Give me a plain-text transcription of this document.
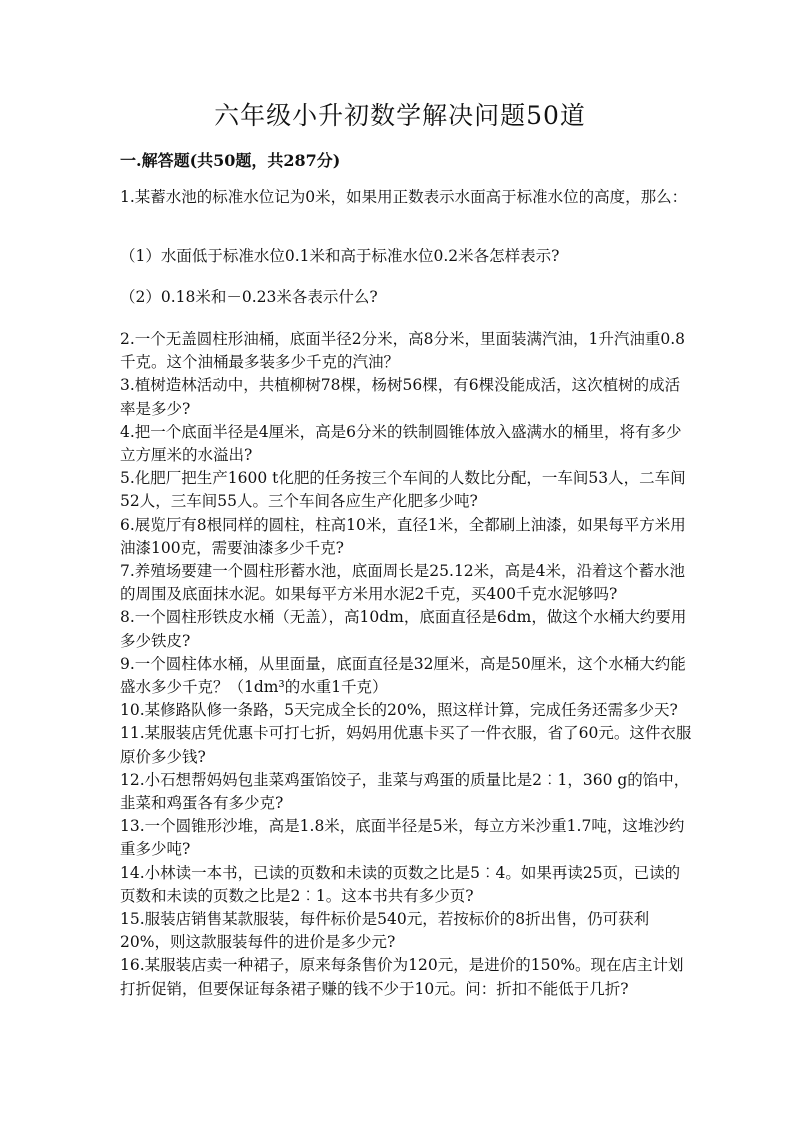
六年级小升初数学解决问题50道
一.解答题(共50题，共287分)
1.某蓄水池的标准水位记为0米，如果用正数表示水面高于标准水位的高度，那么：
（1）水面低于标准水位0.1米和高于标准水位0.2米各怎样表示?
（2）0.18米和－0.23米各表示什么?

2.一个无盖圆柱形油桶，底面半径2分米，高8分米，里面装满汽油，1升汽油重0.8千克。这个油桶最多装多少千克的汽油？

3.植树造林活动中，共植柳树78棵，杨树56棵，有6棵没能成活，这次植树的成活率是多少?

4.把一个底面半径是4厘米，高是6分米的铁制圆锥体放入盛满水的桶里，将有多少立方厘米的水溢出?

5.化肥厂把生产1600 t化肥的任务按三个车间的人数比分配，一车间53人，二车间52人，三车间55人。三个车间各应生产化肥多少吨?

6.展览厅有8根同样的圆柱，柱高10米，直径1米，全都刷上油漆，如果每平方米用油漆100克，需要油漆多少千克?

7.养殖场要建一个圆柱形蓄水池，底面周长是25.12米，高是4米，沿着这个蓄水池的周围及底面抹水泥。如果每平方米用水泥2千克，买400千克水泥够吗?

8.一个圆柱形铁皮水桶（无盖），高10dm，底面直径是6dm，做这个水桶大约要用多少铁皮?

9.一个圆柱体水桶，从里面量，底面直径是32厘米，高是50厘米，这个水桶大约能盛水多少千克？（1dm³的水重1千克）

10.某修路队修一条路，5天完成全长的20%，照这样计算，完成任务还需多少天?

11.某服装店凭优惠卡可打七折，妈妈用优惠卡买了一件衣服，省了60元。这件衣服原价多少钱?

12.小石想帮妈妈包韭菜鸡蛋馅饺子，韭菜与鸡蛋的质量比是2︰1，360 g的馅中，韭菜和鸡蛋各有多少克?

13.一个圆锥形沙堆，高是1.8米，底面半径是5米，每立方米沙重1.7吨，这堆沙约重多少吨?

14.小林读一本书，已读的页数和未读的页数之比是5︰4。如果再读25页，已读的页数和未读的页数之比是2︰1。这本书共有多少页?

15.服装店销售某款服装，每件标价是540元，若按标价的8折出售，仍可获利20%，则这款服装每件的进价是多少元?

16.某服装店卖一种裙子，原来每条售价为120元，是进价的150%。现在店主计划打折促销，但要保证每条裙子赚的钱不少于10元。问：折扣不能低于几折?
